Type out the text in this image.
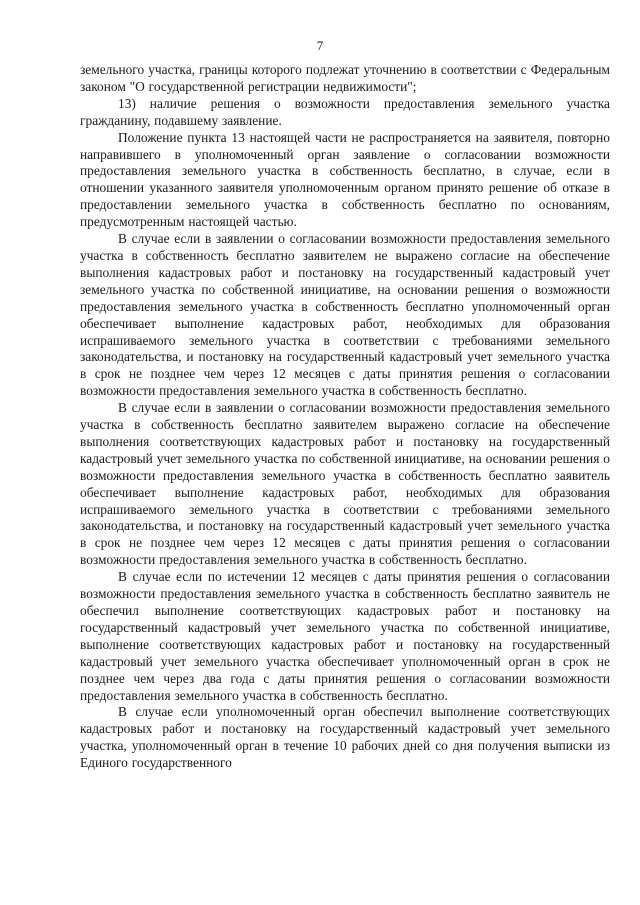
7

земельного участка, границы которого подлежат уточнению в соответствии с Федеральным законом "О государственной регистрации недвижимости";

13) наличие решения о возможности предоставления земельного участка гражданину, подавшему заявление.

Положение пункта 13 настоящей части не распространяется на заявителя, повторно направившего в уполномоченный орган заявление о согласовании возможности предоставления земельного участка в собственность бесплатно, в случае, если в отношении указанного заявителя уполномоченным органом принято решение об отказе в предоставлении земельного участка в собственность бесплатно по основаниям, предусмотренным настоящей частью.

В случае если в заявлении о согласовании возможности предоставления земельного участка в собственность бесплатно заявителем не выражено согласие на обеспечение выполнения кадастровых работ и постановку на государственный кадастровый учет земельного участка по собственной инициативе, на основании решения о возможности предоставления земельного участка в собственность бесплатно уполномоченный орган обеспечивает выполнение кадастровых работ, необходимых для образования испрашиваемого земельного участка в соответствии с требованиями земельного законодательства, и постановку на государственный кадастровый учет земельного участка в срок не позднее чем через 12 месяцев с даты принятия решения о согласовании возможности предоставления земельного участка в собственность бесплатно.

В случае если в заявлении о согласовании возможности предоставления земельного участка в собственность бесплатно заявителем выражено согласие на обеспечение выполнения соответствующих кадастровых работ и постановку на государственный кадастровый учет земельного участка по собственной инициативе, на основании решения о возможности предоставления земельного участка в собственность бесплатно заявитель обеспечивает выполнение кадастровых работ, необходимых для образования испрашиваемого земельного участка в соответствии с требованиями земельного законодательства, и постановку на государственный кадастровый учет земельного участка в срок не позднее чем через 12 месяцев с даты принятия решения о согласовании возможности предоставления земельного участка в собственность бесплатно.

В случае если по истечении 12 месяцев с даты принятия решения о согласовании возможности предоставления земельного участка в собственность бесплатно заявитель не обеспечил выполнение соответствующих кадастровых работ и постановку на государственный кадастровый учет земельного участка по собственной инициативе, выполнение соответствующих кадастровых работ и постановку на государственный кадастровый учет земельного участка обеспечивает уполномоченный орган в срок не позднее чем через два года с даты принятия решения о согласовании возможности предоставления земельного участка в собственность бесплатно.

В случае если уполномоченный орган обеспечил выполнение соответствующих кадастровых работ и постановку на государственный кадастровый учет земельного участка, уполномоченный орган в течение 10 рабочих дней со дня получения выписки из Единого государственного
